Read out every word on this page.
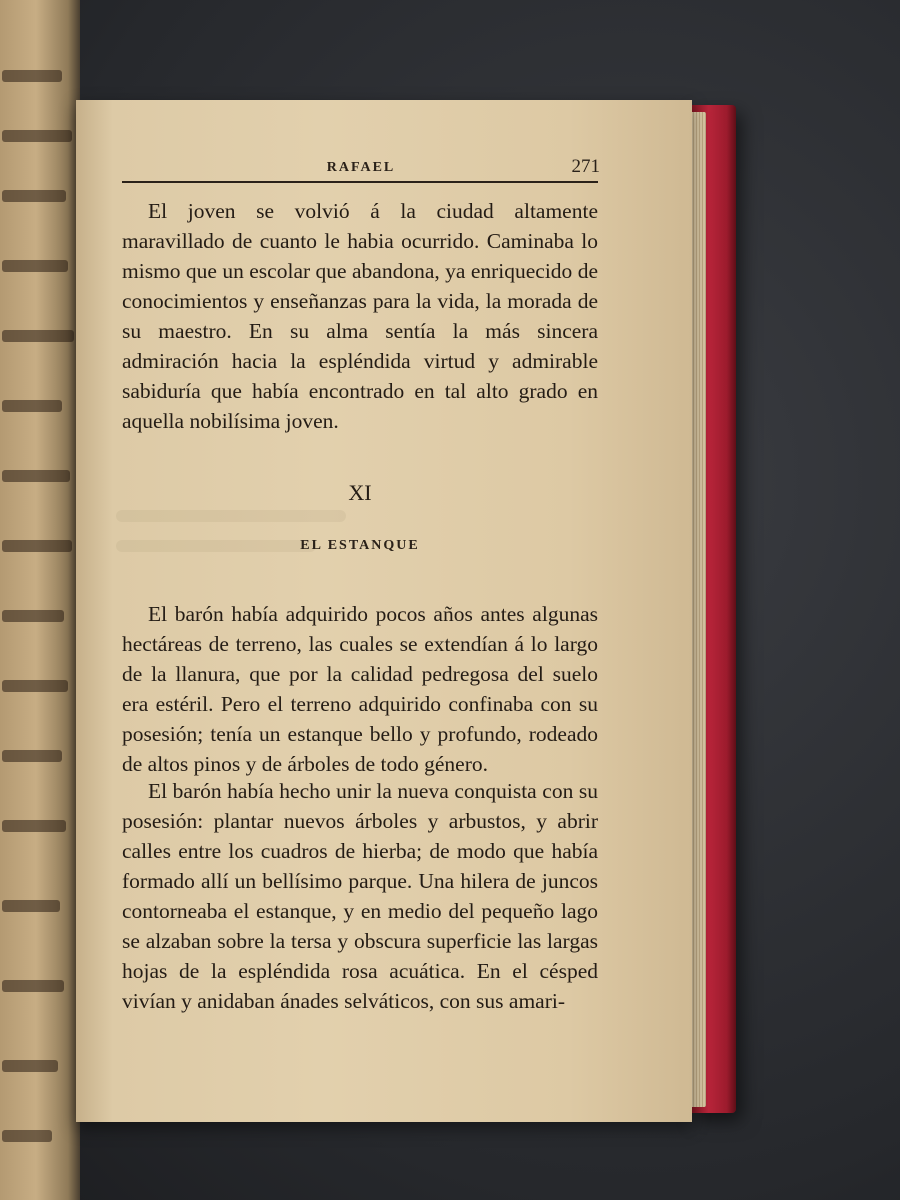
RAFAEL	271

El joven se volvió á la ciudad altamente maravillado de cuanto le habia ocurrido. Caminaba lo mismo que un escolar que abandona, ya enriquecido de conocimientos y enseñanzas para la vida, la morada de su maestro. En su alma sentía la más sincera admiración hacia la espléndida virtud y admirable sabiduría que había encontrado en tal alto grado en aquella nobilísima joven.

XI
EL ESTANQUE

El barón había adquirido pocos años antes algunas hectáreas de terreno, las cuales se extendían á lo largo de la llanura, que por la calidad pedregosa del suelo era estéril. Pero el terreno adquirido confinaba con su posesión; tenía un estanque bello y profundo, rodeado de altos pinos y de árboles de todo género.

El barón había hecho unir la nueva conquista con su posesión: plantar nuevos árboles y arbustos, y abrir calles entre los cuadros de hierba; de modo que había formado allí un bellísimo parque. Una hilera de juncos contorneaba el estanque, y en medio del pequeño lago se alzaban sobre la tersa y obscura superficie las largas hojas de la espléndida rosa acuática. En el césped vivían y anidaban ánades selváticos, con sus amari-
